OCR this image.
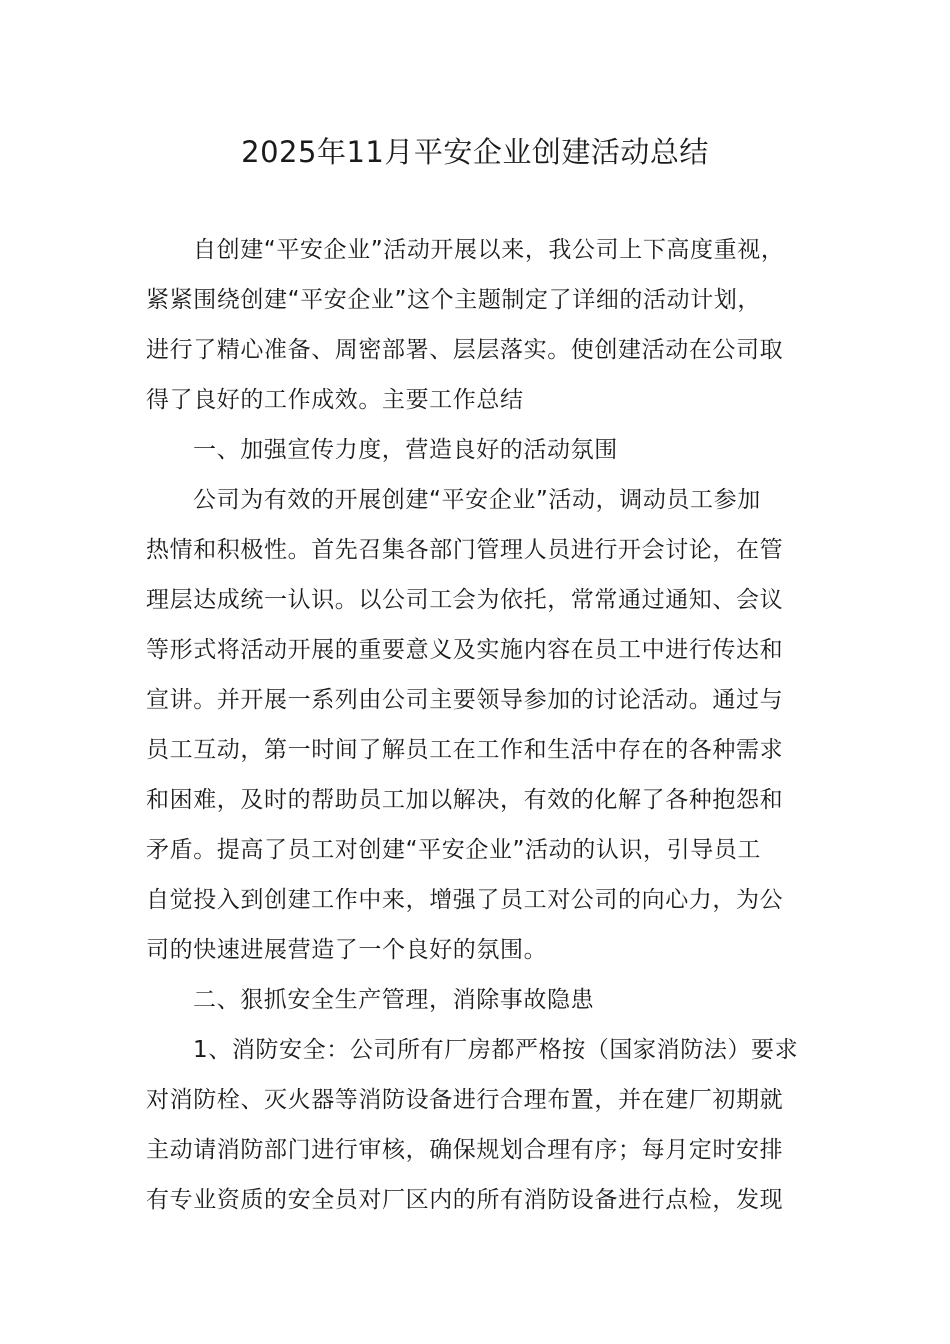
2025年11月平安企业创建活动总结
自创建“平安企业”活动开展以来，我公司上下高度重视，
紧紧围绕创建“平安企业”这个主题制定了详细的活动计划，
进行了精心准备、周密部署、层层落实。使创建活动在公司取
得了良好的工作成效。主要工作总结
一、加强宣传力度，营造良好的活动氛围
公司为有效的开展创建“平安企业”活动，调动员工参加
热情和积极性。首先召集各部门管理人员进行开会讨论，在管
理层达成统一认识。以公司工会为依托，常常通过通知、会议
等形式将活动开展的重要意义及实施内容在员工中进行传达和
宣讲。并开展一系列由公司主要领导参加的讨论活动。通过与
员工互动，第一时间了解员工在工作和生活中存在的各种需求
和困难，及时的帮助员工加以解决，有效的化解了各种抱怨和
矛盾。提高了员工对创建“平安企业”活动的认识，引导员工
自觉投入到创建工作中来，增强了员工对公司的向心力，为公
司的快速进展营造了一个良好的氛围。
二、狠抓安全生产管理，消除事故隐患
1、消防安全：公司所有厂房都严格按（国家消防法）要求
对消防栓、灭火器等消防设备进行合理布置，并在建厂初期就
主动请消防部门进行审核，确保规划合理有序；每月定时安排
有专业资质的安全员对厂区内的所有消防设备进行点检，发现
